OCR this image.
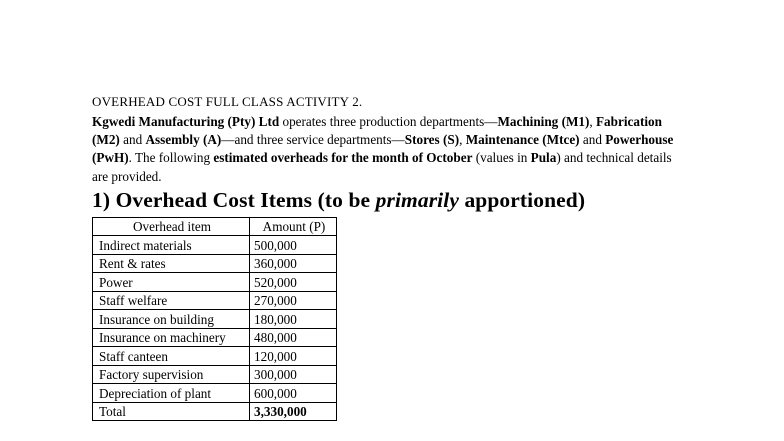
OVERHEAD COST FULL CLASS ACTIVITY 2.

Kgwedi Manufacturing (Pty) Ltd operates three production departments—Machining (M1), Fabrication (M2) and Assembly (A)—and three service departments—Stores (S), Maintenance (Mtce) and Powerhouse (PwH). The following estimated overheads for the month of October (values in Pula) and technical details are provided.

1) Overhead Cost Items (to be primarily apportioned)
Overhead item	Amount (P)
Indirect materials	500,000
Rent & rates	360,000
Power	520,000
Staff welfare	270,000
Insurance on building	180,000
Insurance on machinery	480,000
Staff canteen	120,000
Factory supervision	300,000
Depreciation of plant	600,000
Total	3,330,000
